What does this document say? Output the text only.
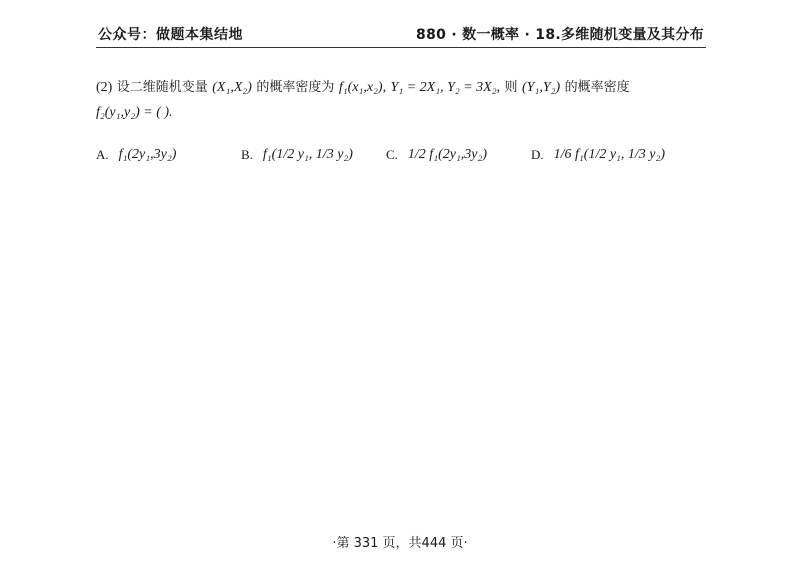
公众号：做题本集结地	880 · 数一概率 · 18.多维随机变量及其分布
(2) 设二维随机变量 (X₁,X₂) 的概率密度为 f₁(x₁,x₂), Y₁ = 2X₁, Y₂ = 3X₂, 则 (Y₁,Y₂) 的概率密度
f₂(y₁,y₂) = ( ).
A. f₁(2y₁,3y₂)	B. f₁(1/2 y₁, 1/3 y₂)	C. 1/2 f₁(2y₁,3y₂)	D. 1/6 f₁(1/2 y₁, 1/3 y₂)
·第 331 页，共444 页·
